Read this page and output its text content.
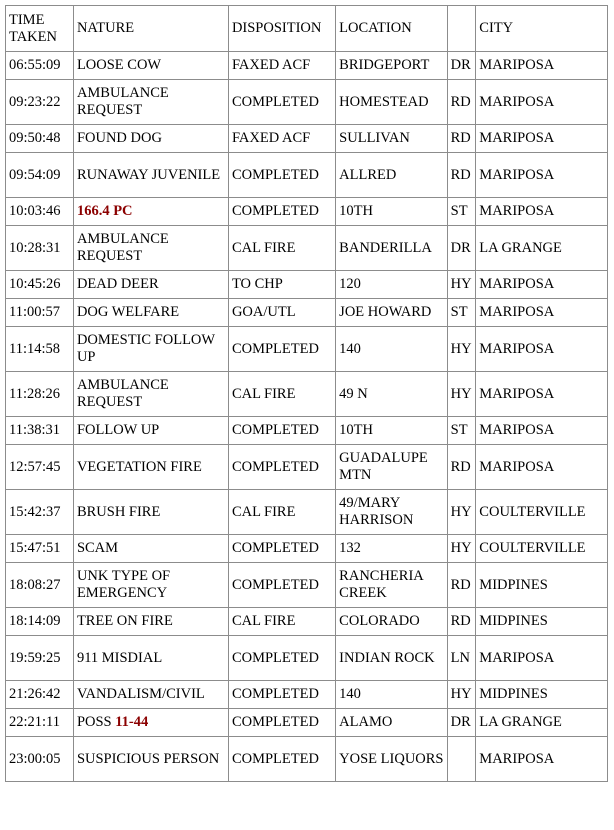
TIME TAKEN	NATURE	DISPOSITION	LOCATION		CITY
06:55:09	LOOSE COW	FAXED ACF	BRIDGEPORT	DR	MARIPOSA
09:23:22	AMBULANCE REQUEST	COMPLETED	HOMESTEAD	RD	MARIPOSA
09:50:48	FOUND DOG	FAXED ACF	SULLIVAN	RD	MARIPOSA
09:54:09	RUNAWAY JUVENILE	COMPLETED	ALLRED	RD	MARIPOSA
10:03:46	166.4 PC	COMPLETED	10TH	ST	MARIPOSA
10:28:31	AMBULANCE REQUEST	CAL FIRE	BANDERILLA	DR	LA GRANGE
10:45:26	DEAD DEER	TO CHP	120	HY	MARIPOSA
11:00:57	DOG WELFARE	GOA/UTL	JOE HOWARD	ST	MARIPOSA
11:14:58	DOMESTIC FOLLOW UP	COMPLETED	140	HY	MARIPOSA
11:28:26	AMBULANCE REQUEST	CAL FIRE	49 N	HY	MARIPOSA
11:38:31	FOLLOW UP	COMPLETED	10TH	ST	MARIPOSA
12:57:45	VEGETATION FIRE	COMPLETED	GUADALUPE MTN	RD	MARIPOSA
15:42:37	BRUSH FIRE	CAL FIRE	49/MARY HARRISON	HY	COULTERVILLE
15:47:51	SCAM	COMPLETED	132	HY	COULTERVILLE
18:08:27	UNK TYPE OF EMERGENCY	COMPLETED	RANCHERIA CREEK	RD	MIDPINES
18:14:09	TREE ON FIRE	CAL FIRE	COLORADO	RD	MIDPINES
19:59:25	911 MISDIAL	COMPLETED	INDIAN ROCK	LN	MARIPOSA
21:26:42	VANDALISM/CIVIL	COMPLETED	140	HY	MIDPINES
22:21:11	POSS 11-44	COMPLETED	ALAMO	DR	LA GRANGE
23:00:05	SUSPICIOUS PERSON	COMPLETED	YOSE LIQUORS		MARIPOSA
